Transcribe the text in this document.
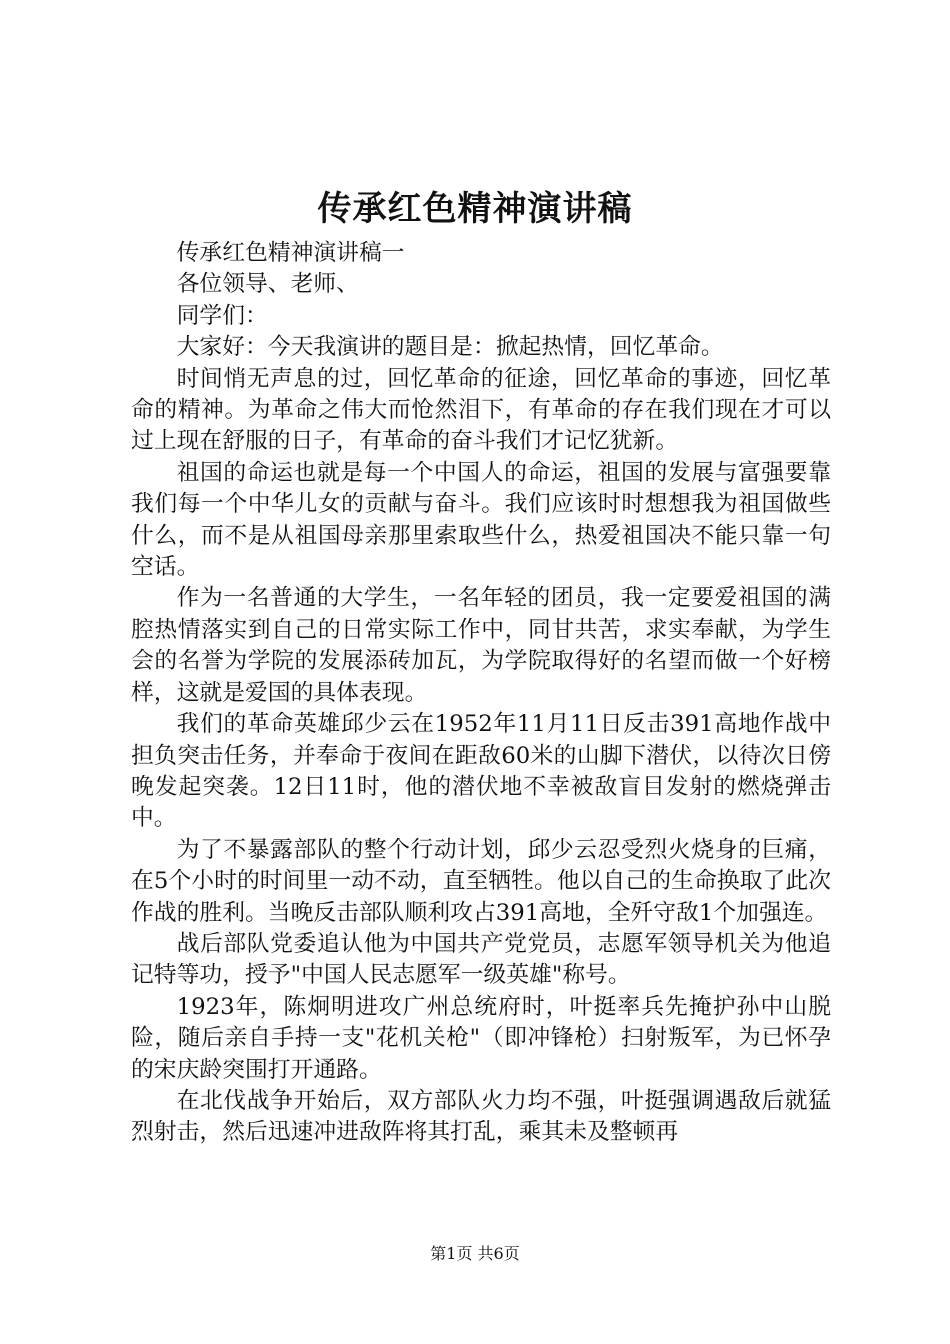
传承红色精神演讲稿

传承红色精神演讲稿一

各位领导、老师、

同学们：

大家好：今天我演讲的题目是：掀起热情，回忆革命。

时间悄无声息的过，回忆革命的征途，回忆革命的事迹，回忆革命的精神。为革命之伟大而怆然泪下，有革命的存在我们现在才可以过上现在舒服的日子，有革命的奋斗我们才记忆犹新。

祖国的命运也就是每一个中国人的命运，祖国的发展与富强要靠我们每一个中华儿女的贡献与奋斗。我们应该时时想想我为祖国做些什么，而不是从祖国母亲那里索取些什么，热爱祖国决不能只靠一句空话。

作为一名普通的大学生，一名年轻的团员，我一定要爱祖国的满腔热情落实到自己的日常实际工作中，同甘共苦，求实奉献，为学生会的名誉为学院的发展添砖加瓦，为学院取得好的名望而做一个好榜样，这就是爱国的具体表现。

我们的革命英雄邱少云在1952年11月11日反击391高地作战中担负突击任务，并奉命于夜间在距敌60米的山脚下潜伏，以待次日傍晚发起突袭。12日11时，他的潜伏地不幸被敌盲目发射的燃烧弹击中。

为了不暴露部队的整个行动计划，邱少云忍受烈火烧身的巨痛，在5个小时的时间里一动不动，直至牺牲。他以自己的生命换取了此次作战的胜利。当晚反击部队顺利攻占391高地，全歼守敌1个加强连。

战后部队党委追认他为中国共产党党员，志愿军领导机关为他追记特等功，授予"中国人民志愿军一级英雄"称号。

1923年，陈炯明进攻广州总统府时，叶挺率兵先掩护孙中山脱险，随后亲自手持一支"花机关枪"（即冲锋枪）扫射叛军，为已怀孕的宋庆龄突围打开通路。

在北伐战争开始后，双方部队火力均不强，叶挺强调遇敌后就猛烈射击，然后迅速冲进敌阵将其打乱，乘其未及整顿再

第1页 共6页
